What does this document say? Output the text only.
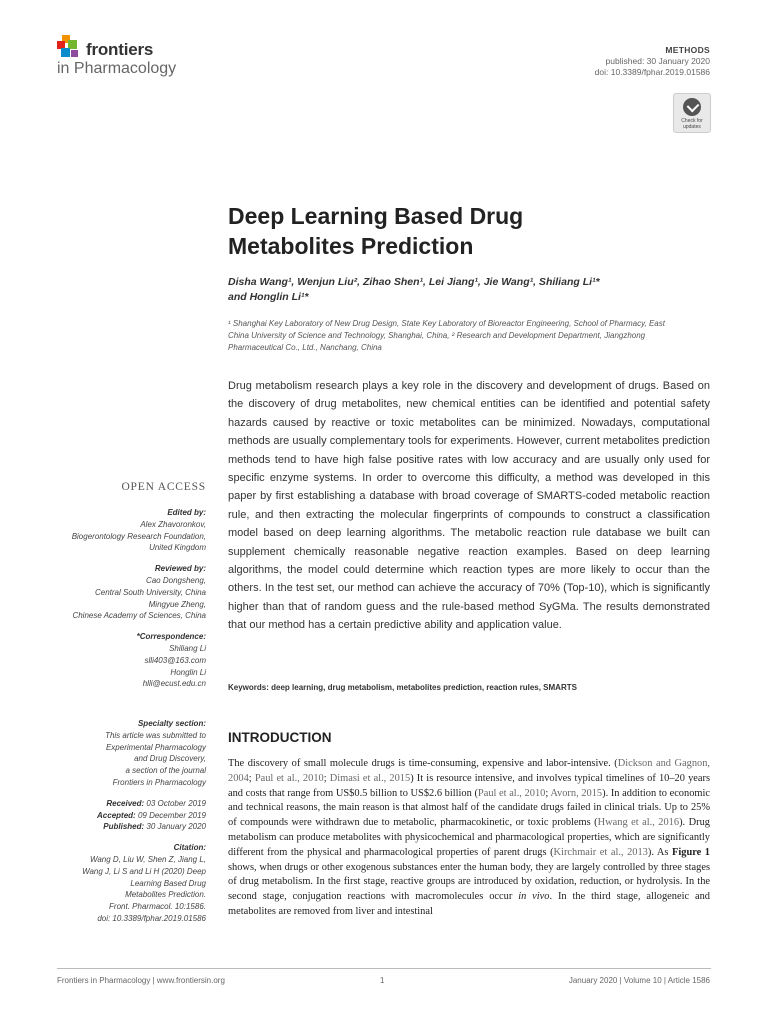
frontiers
in Pharmacology
METHODS
published: 30 January 2020
doi: 10.3389/fphar.2019.01586
Check for updates
Deep Learning Based Drug
Metabolites Prediction
Disha Wang¹, Wenjun Liu², Zihao Shen¹, Lei Jiang¹, Jie Wang¹, Shiliang Li¹*
and Honglin Li¹*
¹ Shanghai Key Laboratory of New Drug Design, State Key Laboratory of Bioreactor Engineering, School of Pharmacy, East
China University of Science and Technology, Shanghai, China, ² Research and Development Department, Jiangzhong
Pharmaceutical Co., Ltd., Nanchang, China
Drug metabolism research plays a key role in the discovery and development of drugs. Based on the discovery of drug metabolites, new chemical entities can be identified and potential safety hazards caused by reactive or toxic metabolites can be minimized. Nowadays, computational methods are usually complementary tools for experiments. However, current metabolites prediction methods tend to have high false positive rates with low accuracy and are usually only used for specific enzyme systems. In order to overcome this difficulty, a method was developed in this paper by first establishing a database with broad coverage of SMARTS-coded metabolic reaction rule, and then extracting the molecular fingerprints of compounds to construct a classification model based on deep learning algorithms. The metabolic reaction rule database we built can supplement chemically reasonable negative reaction examples. Based on deep learning algorithms, the model could determine which reaction types are more likely to occur than the others. In the test set, our method can achieve the accuracy of 70% (Top-10), which is significantly higher than that of random guess and the rule-based method SyGMa. The results demonstrated that our method has a certain predictive ability and application value.
Keywords: deep learning, drug metabolism, metabolites prediction, reaction rules, SMARTS
OPEN ACCESS
Edited by:
Alex Zhavoronkov,
Biogerontology Research Foundation,
United Kingdom
Reviewed by:
Cao Dongsheng,
Central South University, China
Mingyue Zheng,
Chinese Academy of Sciences, China
*Correspondence:
Shiliang Li
slli403@163.com
Honglin Li
hlli@ecust.edu.cn
Specialty section:
This article was submitted to
Experimental Pharmacology
and Drug Discovery,
a section of the journal
Frontiers in Pharmacology
Received: 03 October 2019
Accepted: 09 December 2019
Published: 30 January 2020
Citation:
Wang D, Liu W, Shen Z, Jiang L,
Wang J, Li S and Li H (2020) Deep
Learning Based Drug
Metabolites Prediction.
Front. Pharmacol. 10:1586.
doi: 10.3389/fphar.2019.01586
INTRODUCTION
The discovery of small molecule drugs is time-consuming, expensive and labor-intensive. (Dickson and Gagnon, 2004; Paul et al., 2010; Dimasi et al., 2015) It is resource intensive, and involves typical timelines of 10–20 years and costs that range from US$0.5 billion to US$2.6 billion (Paul et al., 2010; Avorn, 2015). In addition to economic and technical reasons, the main reason is that almost half of the candidate drugs failed in clinical trials. Up to 25% of compounds were withdrawn due to metabolic, pharmacokinetic, or toxic problems (Hwang et al., 2016). Drug metabolism can produce metabolites with physicochemical and pharmacological properties, which are significantly different from the physical and pharmacological properties of parent drugs (Kirchmair et al., 2013). As Figure 1 shows, when drugs or other exogenous substances enter the human body, they are largely controlled by three stages of drug metabolism. In the first stage, reactive groups are introduced by oxidation, reduction, or hydrolysis. In the second stage, conjugation reactions with macromolecules occur in vivo. In the third stage, allogeneic and metabolites are removed from liver and intestinal
Frontiers in Pharmacology | www.frontiersin.org	1	January 2020 | Volume 10 | Article 1586
